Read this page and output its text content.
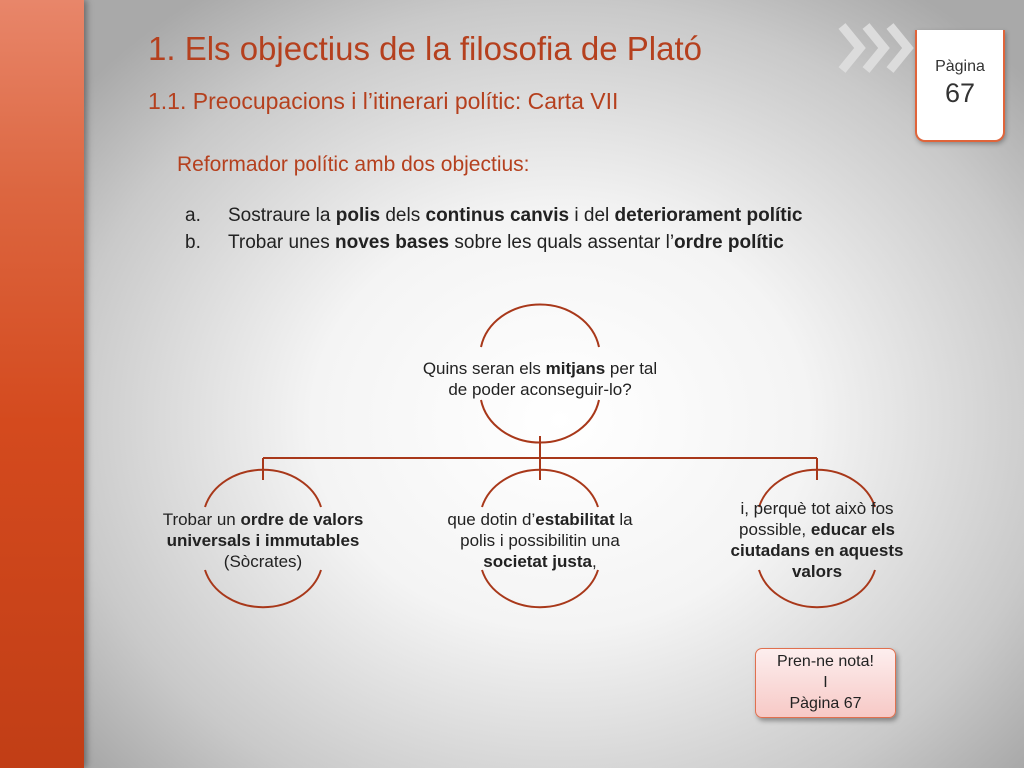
1. Els objectius de la filosofia de Plató
1.1. Preocupacions i l’itinerari polític: Carta VII
Pàgina
67
Reformador polític amb dos objectius:
a. Sostraure la polis dels continus canvis i del deteriorament polític
b. Trobar unes noves bases sobre les quals assentar l’ordre polític
Quins seran els mitjans per tal de poder aconseguir-lo?
Trobar un ordre de valors universals i immutables (Sòcrates)
que dotin d’estabilitat la polis i possibilitin una societat justa,
i, perquè tot això fos possible, educar els ciutadans en aquests valors
Pren-ne nota!
I
Pàgina 67
